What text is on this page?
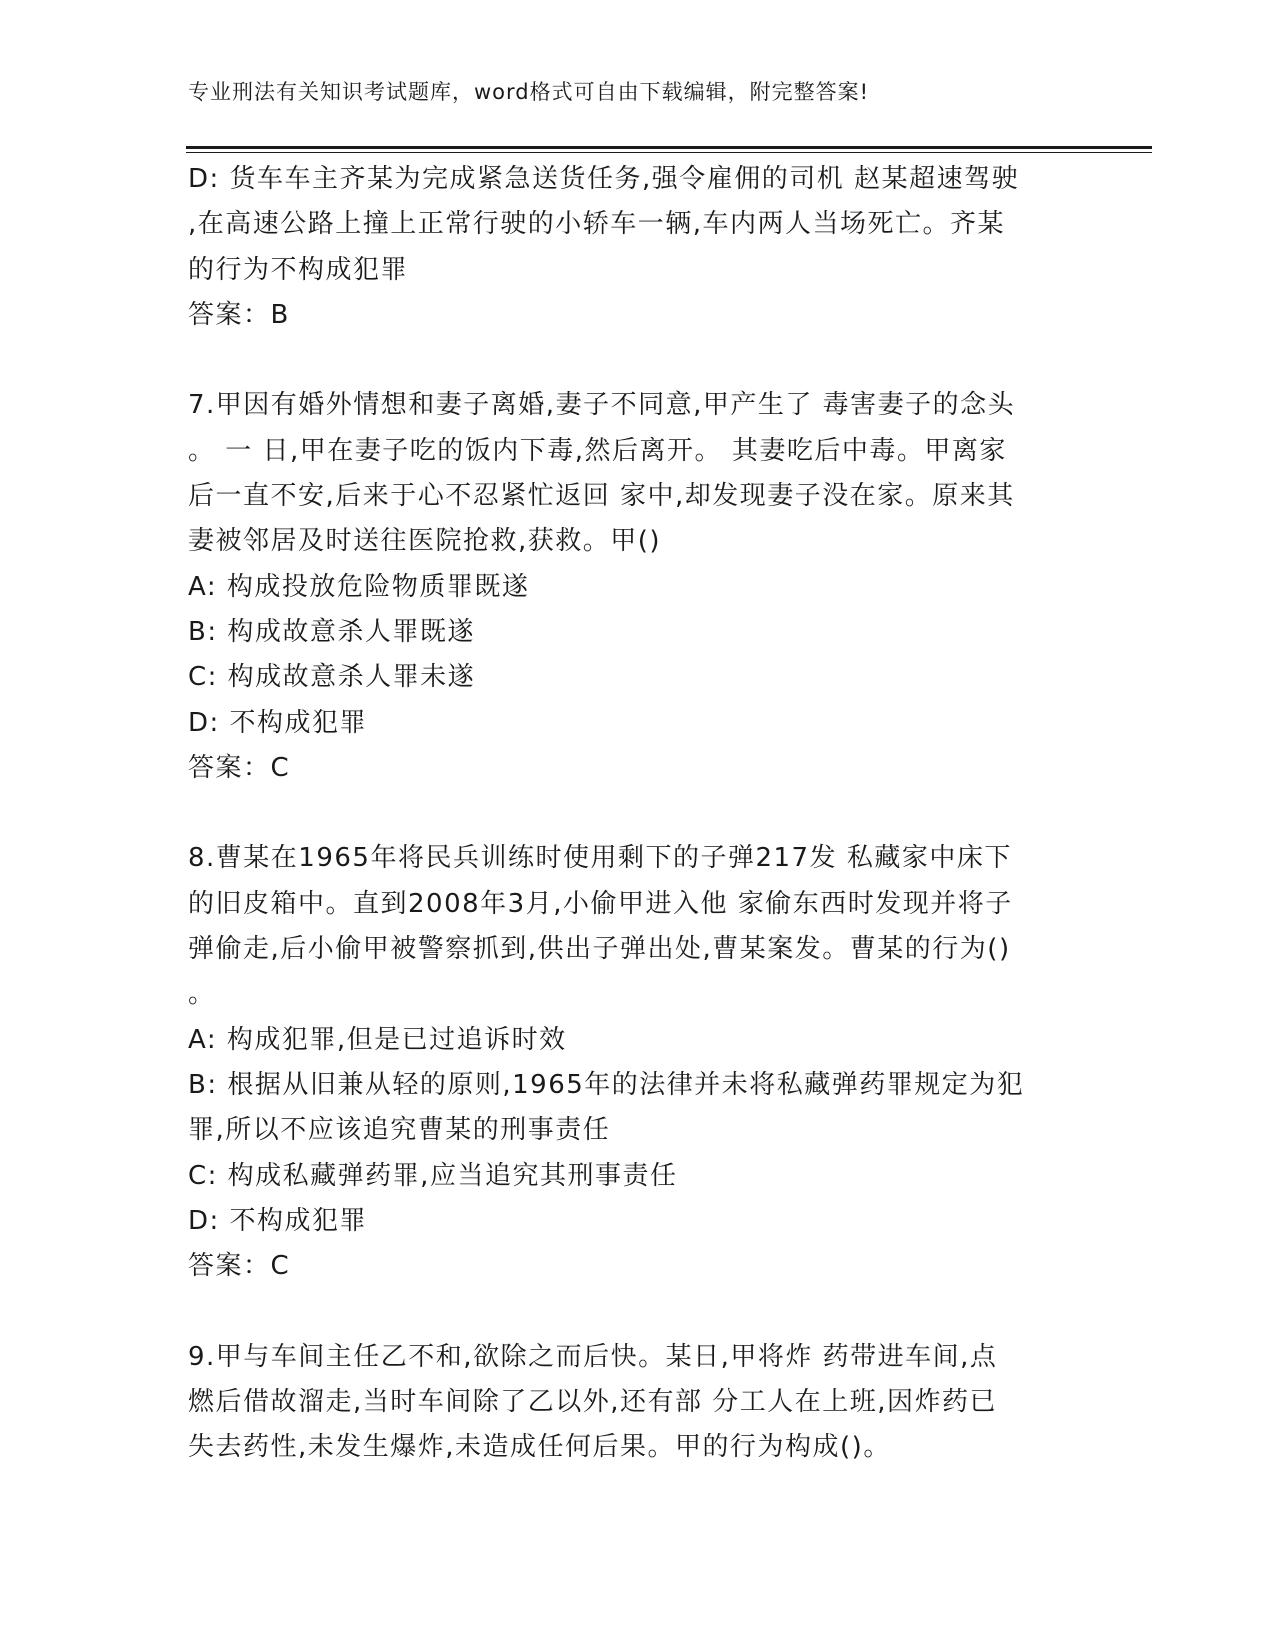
专业刑法有关知识考试题库，word格式可自由下载编辑，附完整答案!
D: 货车车主齐某为完成紧急送货任务,强令雇佣的司机 赵某超速驾驶
,在高速公路上撞上正常行驶的小轿车一辆,车内两人当场死亡。齐某
的行为不构成犯罪
答案：B
7.甲因有婚外情想和妻子离婚,妻子不同意,甲产生了 毒害妻子的念头
。 一 日,甲在妻子吃的饭内下毒,然后离开。 其妻吃后中毒。甲离家
后一直不安,后来于心不忍紧忙返回 家中,却发现妻子没在家。原来其
妻被邻居及时送往医院抢救,获救。甲()
A: 构成投放危险物质罪既遂
B: 构成故意杀人罪既遂
C: 构成故意杀人罪未遂
D: 不构成犯罪
答案：C
8.曹某在1965年将民兵训练时使用剩下的子弹217发 私藏家中床下
的旧皮箱中。直到2008年3月,小偷甲进入他 家偷东西时发现并将子
弹偷走,后小偷甲被警察抓到,供出子弹出处,曹某案发。曹某的行为()
。
A: 构成犯罪,但是已过追诉时效
B: 根据从旧兼从轻的原则,1965年的法律并未将私藏弹药罪规定为犯
罪,所以不应该追究曹某的刑事责任
C: 构成私藏弹药罪,应当追究其刑事责任
D: 不构成犯罪
答案：C
9.甲与车间主任乙不和,欲除之而后快。某日,甲将炸 药带进车间,点
燃后借故溜走,当时车间除了乙以外,还有部 分工人在上班,因炸药已
失去药性,未发生爆炸,未造成任何后果。甲的行为构成()。
